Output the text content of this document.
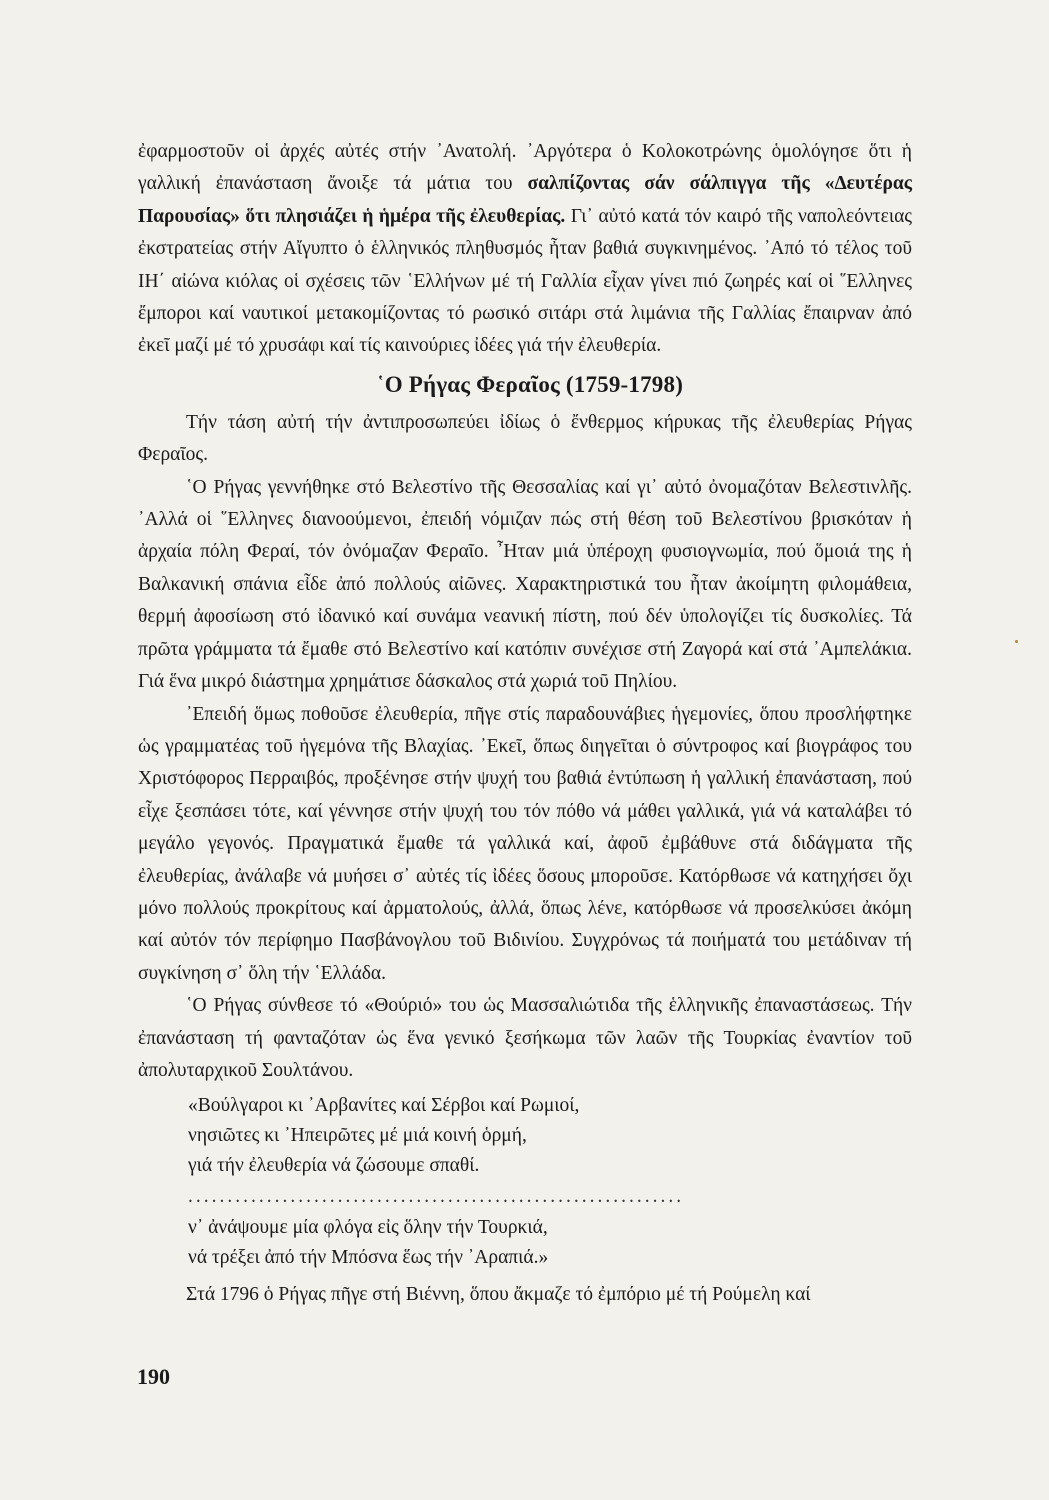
ἐφαρμοστοῦν οἱ ἀρχές αὐτές στήν ᾿Ανατολή. ᾿Αργότερα ὁ Κολοκοτρώνης ὁμολόγησε ὅτι ἡ γαλλική ἐπανάσταση ἄνοιξε τά μάτια του σαλπίζοντας σάν σάλπιγγα τῆς «Δευτέρας Παρουσίας» ὅτι πλησιάζει ἡ ἡμέρα τῆς ἐλευθερίας. Γι᾿ αὐτό κατά τόν καιρό τῆς ναπολεόντειας ἐκστρατείας στήν Αἴγυπτο ὁ ἑλληνικός πληθυσμός ἦταν βαθιά συγκινημένος. ᾿Από τό τέλος τοῦ ΙΗ΄ αἰώνα κιόλας οἱ σχέσεις τῶν ῾Ελλήνων μέ τή Γαλλία εἶχαν γίνει πιό ζωηρές καί οἱ ῞Ελληνες ἔμποροι καί ναυτικοί μετακομίζοντας τό ρωσικό σιτάρι στά λιμάνια τῆς Γαλλίας ἔπαιρναν ἀπό ἐκεῖ μαζί μέ τό χρυσάφι καί τίς καινούριες ἰδέες γιά τήν ἐλευθερία.

῾Ο Ρήγας Φεραῖος (1759-1798)

Τήν τάση αὐτή τήν ἀντιπροσωπεύει ἰδίως ὁ ἔνθερμος κήρυκας τῆς ἐλευθερίας Ρήγας Φεραῖος.

῾Ο Ρήγας γεννήθηκε στό Βελεστίνο τῆς Θεσσαλίας καί γι᾿ αὐτό ὀνομαζόταν Βελεστινλῆς. ᾿Αλλά οἱ ῞Ελληνες διανοούμενοι, ἐπειδή νόμιζαν πώς στή θέση τοῦ Βελεστίνου βρισκόταν ἡ ἀρχαία πόλη Φεραί, τόν ὀνόμαζαν Φεραῖο. ῏Ηταν μιά ὑπέροχη φυσιογνωμία, πού ὅμοιά της ἡ Βαλκανική σπάνια εἶδε ἀπό πολλούς αἰῶνες. Χαρακτηριστικά του ἦταν ἀκοίμητη φιλομάθεια, θερμή ἀφοσίωση στό ἰδανικό καί συνάμα νεανική πίστη, πού δέν ὑπολογίζει τίς δυσκολίες. Τά πρῶτα γράμματα τά ἔμαθε στό Βελεστίνο καί κατόπιν συνέχισε στή Ζαγορά καί στά ᾿Αμπελάκια. Γιά ἕνα μικρό διάστημα χρημάτισε δάσκαλος στά χωριά τοῦ Πηλίου.

᾿Επειδή ὅμως ποθοῦσε ἐλευθερία, πῆγε στίς παραδουνάβιες ἡγεμονίες, ὅπου προσλήφτηκε ὡς γραμματέας τοῦ ἡγεμόνα τῆς Βλαχίας. ᾿Εκεῖ, ὅπως διηγεῖται ὁ σύντροφος καί βιογράφος του Χριστόφορος Περραιβός, προξένησε στήν ψυχή του βαθιά ἐντύπωση ἡ γαλλική ἐπανάσταση, πού εἶχε ξεσπάσει τότε, καί γέννησε στήν ψυχή του τόν πόθο νά μάθει γαλλικά, γιά νά καταλάβει τό μεγάλο γεγονός. Πραγματικά ἔμαθε τά γαλλικά καί, ἀφοῦ ἐμβάθυνε στά διδάγματα τῆς ἐλευθερίας, ἀνάλαβε νά μυήσει σ᾿ αὐτές τίς ἰδέες ὅσους μποροῦσε. Κατόρθωσε νά κατηχήσει ὄχι μόνο πολλούς προκρίτους καί ἀρματολούς, ἀλλά, ὅπως λένε, κατόρθωσε νά προσελκύσει ἀκόμη καί αὐτόν τόν περίφημο Πασβάνογλου τοῦ Βιδινίου. Συγχρόνως τά ποιήματά του μετάδιναν τή συγκίνηση σ᾿ ὅλη τήν ῾Ελλάδα.

῾Ο Ρήγας σύνθεσε τό «Θούριό» του ὡς Μασσαλιώτιδα τῆς ἑλληνικῆς ἐπαναστάσεως. Τήν ἐπανάσταση τή φανταζόταν ὡς ἕνα γενικό ξεσήκωμα τῶν λαῶν τῆς Τουρκίας ἐναντίον τοῦ ἀπολυταρχικοῦ Σουλτάνου.

«Βούλγαροι κι ᾿Αρβανίτες καί Σέρβοι καί Ρωμιοί,
νησιῶτες κι ᾿Ηπειρῶτες μέ μιά κοινή ὁρμή,
γιά τήν ἐλευθερία νά ζώσουμε σπαθί.
...............................................................
ν᾿ ἀνάψουμε μία φλόγα εἰς ὅλην τήν Τουρκιά,
νά τρέξει ἀπό τήν Μπόσνα ἕως τήν ᾿Αραπιά.»

Στά 1796 ὁ Ρήγας πῆγε στή Βιέννη, ὅπου ἄκμαζε τό ἐμπόριο μέ τή Ρούμελη καί

190
